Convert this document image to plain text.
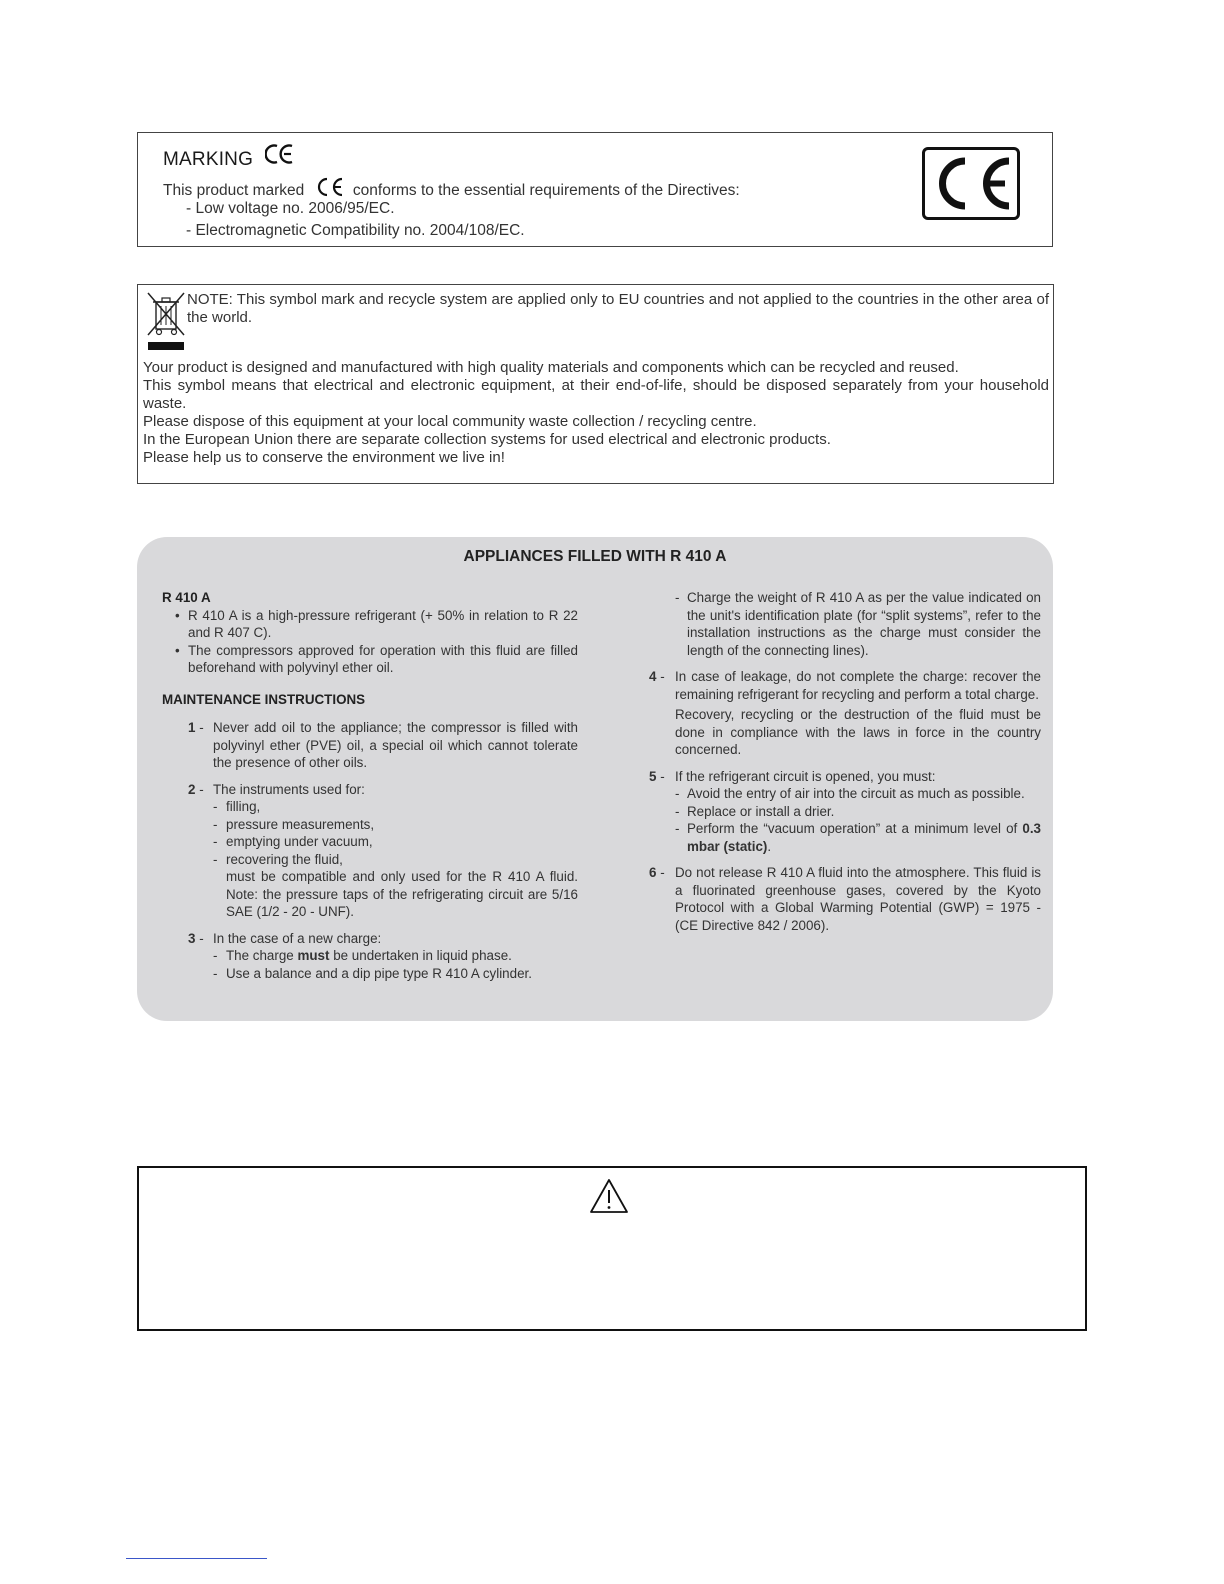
MARKING
This product marked	conforms to the essential requirements of the Directives:
- Low voltage no. 2006/95/EC.
- Electromagnetic Compatibility no. 2004/108/EC.
NOTE: This symbol mark and recycle system are applied only to EU countries and not applied to the countries in the other area of the world.

Your product is designed and manufactured with high quality materials and components which can be recycled and reused.

This symbol means that electrical and electronic equipment, at their end-of-life, should be disposed separately from your household waste.

Please dispose of this equipment at your local community waste collection / recycling centre.

In the European Union there are separate collection systems for used electrical and electronic products.

Please help us to conserve the environment we live in!

APPLIANCES FILLED WITH R 410 A

R 410 A

• R 410 A is a high-pressure refrigerant (+ 50% in relation to R 22 and R 407 C).
• The compressors approved for operation with this fluid are filled beforehand with polyvinyl ether oil.

MAINTENANCE INSTRUCTIONS

1 - Never add oil to the appliance; the compressor is filled with polyvinyl ether (PVE) oil, a special oil which cannot tolerate the presence of other oils.
2 - The instruments used for:
- filling,
- pressure measurements,
- emptying under vacuum,
- recovering the fluid,
must be compatible and only used for the R 410 A fluid. Note: the pressure taps of the refrigerating circuit are 5/16 SAE (1/2 - 20 - UNF).
3 - In the case of a new charge:
- The charge must be undertaken in liquid phase.
- Use a balance and a dip pipe type R 410 A cylinder.
- Charge the weight of R 410 A as per the value indicated on the unit's identification plate (for “split systems”, refer to the installation instructions as the charge must consider the length of the connecting lines).
4 - In case of leakage, do not complete the charge: recover the remaining refrigerant for recycling and perform a total charge.
Recovery, recycling or the destruction of the fluid must be done in compliance with the laws in force in the country concerned.
5 - If the refrigerant circuit is opened, you must:
- Avoid the entry of air into the circuit as much as possible.
- Replace or install a drier.
- Perform the “vacuum operation” at a minimum level of 0.3 mbar (static).
6 - Do not release R 410 A fluid into the atmosphere. This fluid is a fluorinated greenhouse gases, covered by the Kyoto Protocol with a Global Warming Potential (GWP) = 1975 - (CE Directive 842 / 2006).
